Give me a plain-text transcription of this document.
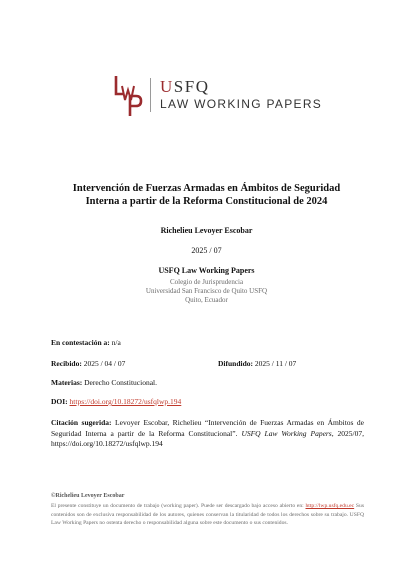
USFQ
LAW WORKING PAPERS
Intervención de Fuerzas Armadas en Ámbitos de Seguridad
Interna a partir de la Reforma Constitucional de 2024
Richelieu Levoyer Escobar
2025 / 07
USFQ Law Working Papers
Colegio de Jurisprudencia
Universidad San Francisco de Quito USFQ
Quito, Ecuador
En contestación a: n/a
Recibido: 2025 / 04 / 07	Difundido: 2025 / 11 / 07
Materias: Derecho Constitucional.
DOI: https://doi.org/10.18272/usfqlwp.194
Citación sugerida: Levoyer Escobar, Richelieu “Intervención de Fuerzas Armadas en Ámbitos de Seguridad Interna a partir de la Reforma Constitucional”. USFQ Law Working Papers, 2025/07, https://doi.org/10.18272/usfqlwp.194
©Richelieu Levoyer Escobar
El presente constituye un documento de trabajo (working paper). Puede ser descargado bajo acceso abierto en: http://lwp.usfq.edu.ec Sus contenidos son de exclusiva responsabilidad de los autores, quienes conservan la titularidad de todos los derechos sobre su trabajo. USFQ Law Working Papers no ostenta derecho o responsabilidad alguna sobre este documento o sus contenidos.
